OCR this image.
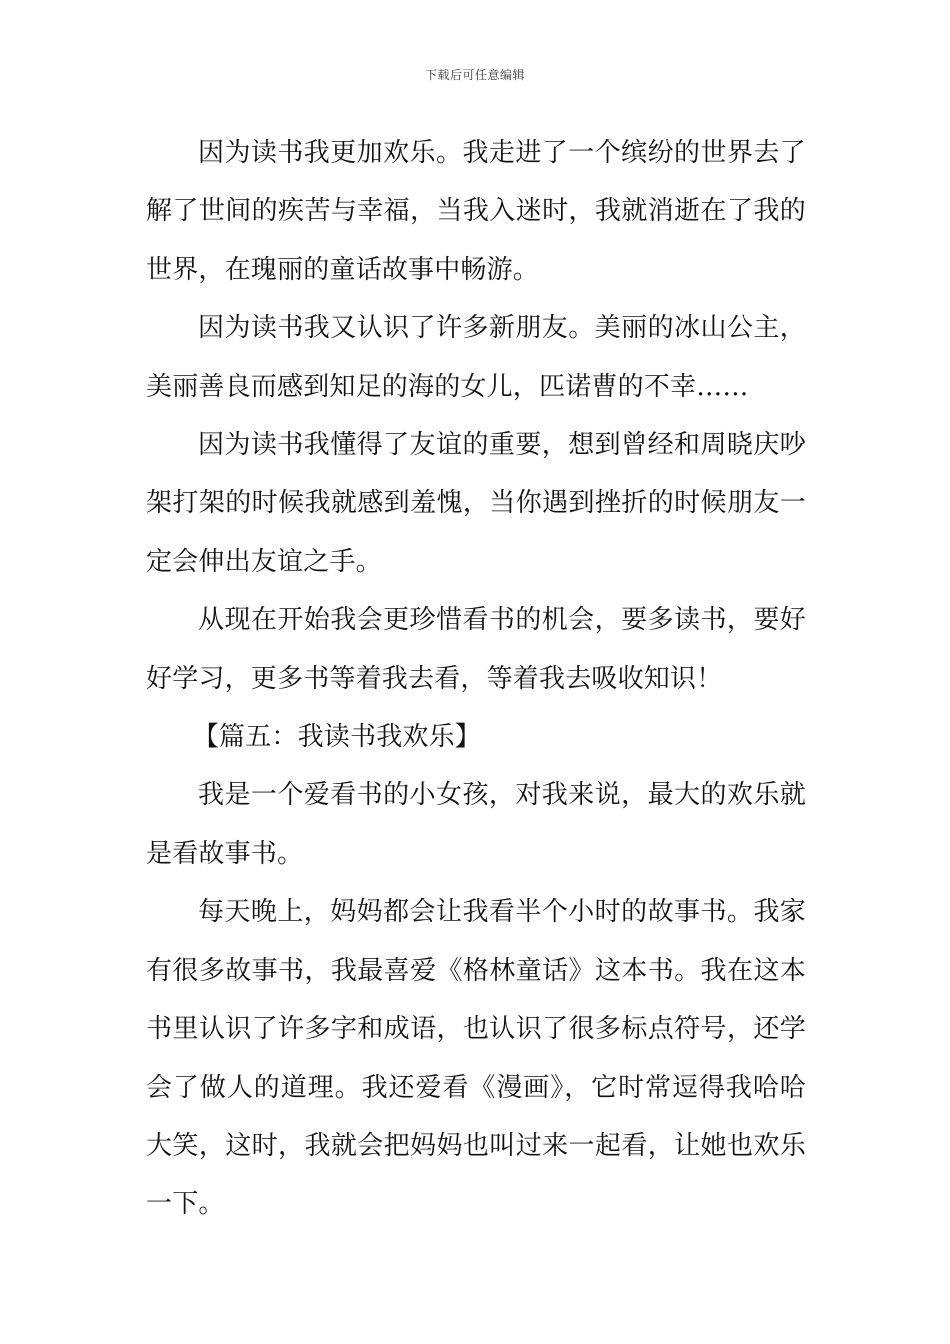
下载后可任意编辑

因为读书我更加欢乐。我走进了一个缤纷的世界去了解了世间的疾苦与幸福，当我入迷时，我就消逝在了我的世界，在瑰丽的童话故事中畅游。

因为读书我又认识了许多新朋友。美丽的冰山公主，美丽善良而感到知足的海的女儿，匹诺曹的不幸……

因为读书我懂得了友谊的重要，想到曾经和周晓庆吵架打架的时候我就感到羞愧，当你遇到挫折的时候朋友一定会伸出友谊之手。

从现在开始我会更珍惜看书的机会，要多读书，要好好学习，更多书等着我去看，等着我去吸收知识！

【篇五：我读书我欢乐】

我是一个爱看书的小女孩，对我来说，最大的欢乐就是看故事书。

每天晚上，妈妈都会让我看半个小时的故事书。我家有很多故事书，我最喜爱《格林童话》这本书。我在这本书里认识了许多字和成语，也认识了很多标点符号，还学会了做人的道理。我还爱看《漫画》，它时常逗得我哈哈大笑，这时，我就会把妈妈也叫过来一起看，让她也欢乐一下。
